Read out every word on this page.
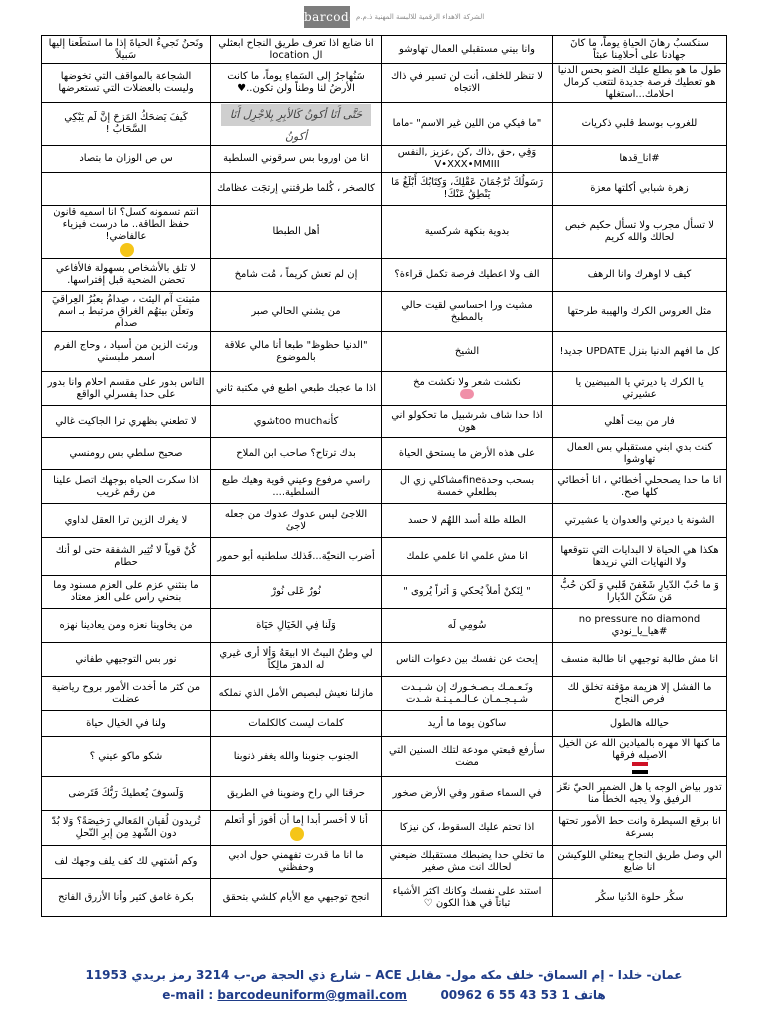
barcode الشركة الاهداء الرقمية للالبسة المهنية ذ.م.م
سنكسبُ رهانَ الحياةِ يوماً، ما كانَ جهادنا على أحلامِنا عبثاً	وانا بيني مستقبلي العمال تهاوشو	انا ضايع اذا تعرف طريق النجاح ابعثلي ال location	ونَحنُ نَجيءُ الحياةَ إذا ما استطَعنا إليها سَبيلاً

طول ما هو بطلع عليك الضو بحس الدنيا هو تعطيك فرصة جديدة لتتعب كرمال احلامك...استغلها	لا تنظر للخلف، أنت لن تسير في ذاك الاتجاه	سَنُهاجرُ إلى السَماءِ يوماً، ما كانت الأرضُ لنا وطناً ولن تكون..♥	الشجاعة بالمواقف التي تخوضها وليست بالعضلات التي تستعرضها

للغروب بوسط قلبي ذكريات	"ما فيكي من اللين غير الاسم" -ماما	حَتَّى أَنَا أكونُ كَالأبِرِ بِلاجْرِل أَنَا أكونُ	كَيفَ يَضحَكُ المَزحَ إنَّ لَم يَبْكِي السَّحَابُ !

#انا_قدها	وَقِي ,حق ,ذاك ,كن ,عزيز ,النفس V•XXX•MMIII	انا من اوروبا بس سرقوني السلطية	س ص الوزان ما بتصاد

زهرة شبابي أكلتها معزة	رَسَولُكَ تُرْجُمَانَ عَقْلِكَ، وَكِتَابُكَ أَبْلَغُ مَا يَنْطِقُ عَنْكَ!	كالصخر ، كُلما طرقتني إرتجَت عظامك	

لا تسأل مجرب ولا تسأل حكيم خبص لحالك والله كريم	بدوية بنكهة شركسية	أهل الطبطا	انتم تسمونه كسل؟ انا اسميه قانون حفظ الطاقة.. ما درست فيزياء عالفاضي!

كيف لا اوهرك وانا الرهف	الف ولا اعطيك فرصة تكمل قراءة؟	إن لم تعش كريماً ، مُت شامخ	لا تلق بالأشخاص بسهولة فالأفاعي تحضن الضحية قبل إفتراسها.

مثل العروس الكرك والهيبة طرحتها	مشيت ورا احساسي لقيت حالي بالمطبخ	من يشني الحالي صبر	مثبتت آم اليئت ، صِدامُ يعبُرُ العِراقيَ وتعلَن بيتهُم الغراقِ مرتبط بـ اسم صدام

كل ما افهم الدنيا بنزل UPDATE جديد!	الشيخ	"الدنيا حظوظ" طبعا أنا مالي علاقة بالموضوع	ورثت الزين من أسياد ، وحاج الفرم اسمر ملبسني

يا الكرك يا ديرتي يا المبيضين يا عشيرتي	نكشت شعر ولا نكشت مخ	اذا ما عجبك طبعي اطبع في مكتبة ثاني	الناس بدور على مقسم احلام وانا بدور على حدا يفسرلي الواقع

فار من بيت أهلي	اذا حدا شاف شرشبيل ما تحكولو اني هون	كأنهtoo muchشوي	لا تطعني بظهري ترا الجاكيت غالي

كنت بدي ابني مستقبلي بس العمال تهاوشوا	على هذه الأرض ما يستحق الحياة	بدك ترتاح؟ صاحب ابن الملاح	صحيح سلطي بس رومنسي

انا ما حدا يصححلي أخطائي ، انا أخطائي كلها صح.	بسحب وحدةfineمشاكلي زي ال بطلعلي خمسة	راسي مرفوع وعيني قوية وهيك طبع السلطية....	اذا سكرت الحياه بوجهك اتصل علينا من رقم غريب

الشونة يا ديرتي والعدوان يا عشيرتي	الطلة طلة أسد اللهُم لا حسد	اللاجئ ليس عدوك عدوك من جعله لاجئ	لا يغرك الزين ترا العقل لداوي

هكذا هي الحياة لا البدايات التي نتوقعها ولا النهايات التي نريدها	انا مش علمي انا علمي علمك	أضرب النحيّة...فَذلك سلطنيه أبو حمور	كُنْ قوياً لا تُثِير الشفقة حتى لو أنك حطام

وَ ما حُبّ الدّيارِ شَغَفنَ قَلبي وَ لَكن حُبُّ مَن سَكَنَ الدّيارا	" لِنَكنْ أملاً يُحكي وَ أثراً يُروى "	نُورٌ عَلى نُورْ	ما بنثني عزم على العزم مسنود وما بنحني راس على العز معتاد

no pressure no diamond #هيا_يا_نودي	سُومِي لَه	وَلَنا فِي الخَيَالِ حَيَاة	من يخاوينا نعزه ومن يعادينا نهزه

انا مش طالبة توجيهي انا طالبة منسف	إبحث عن نفسك بين دعوات الناس	لي وطنُ البيتُ الا ابيعَهُ وَألا أرى غيري له الدهرَ مالِكاً	نور بس التوجيهي طفاني

ما الفشل إلا هزيمة مؤقتة تخلق لك فرص النجاح	ونَـعـمـك بـصـخـورك إن شـبـدت شـيـجـمـان عـالـمـيـتـة شـدت	مازلنا نعيش لبصيص الأمل الذي نملكه	من كثر ما أخدت الأمور بروح رياضية عضلت

حيالله هالطول	ساكون يوما ما أريد	كلمات ليست كالكلمات	ولنا في الخيال حياة

ما كنها الا مهره بالميادين الله عن الخيل الاصيله فرقها	سأرفع قبعتي مودعة لتلك السنين التي مضت	الجنوب جنوبنا والله يغفر ذنوبنا	شكو ماكو عيني ؟

تدور بياض الوجه يا هل الضمير الحيّ نعّز الرفيق ولا يجيه الخطأ منا	في السماء صقور وفي الأرض صخور	حرقنا الي راح وضوينا في الطريق	وَلَسوفَ يُعطيكَ رَبُّكَ فَتَرضى

انا برقع السيطرة وانت حط الأمور تحتها بسرعة	اذا تحتم عليك السقوط، كن نيزكا	أنا لا أخسر أبدا إما أن أفوز أو أتعلم	تُريدون لُقيان المَعالي رَخيصَةً؟ وَلا بُدّ دون الشّهدِ مِن إبرِ النّحلِ

الي وصل طريق النجاح يبعثلي اللوكيشن انا ضايع	ما تخلي حدا يضبطك مستقبلك ضيعني لحالك انت مش صغير	ما انا ما قدرت تفهمني حول ادبي وحفظني	وكم أشتهي لك كف يلف وجهك لف

سكُر حلوة الدُنيا سكُر	استند على نفسك وكانك اكثر الأشياء ثباتاً في هذا الكون ♡	انجح توجيهي مع الأيام كلشي بتحقق	بكرة غامق كثير وأنا الأزرق الفاتح
عمان- خلدا - إم السماق- خلف مكه مول- مقابل ACE – شارع ذي الحجة ص-ب 3214 رمز بريدي 11953
e-mail : barcodeuniform@gmail.com	00962 6 55 43 53 1 هاتف
